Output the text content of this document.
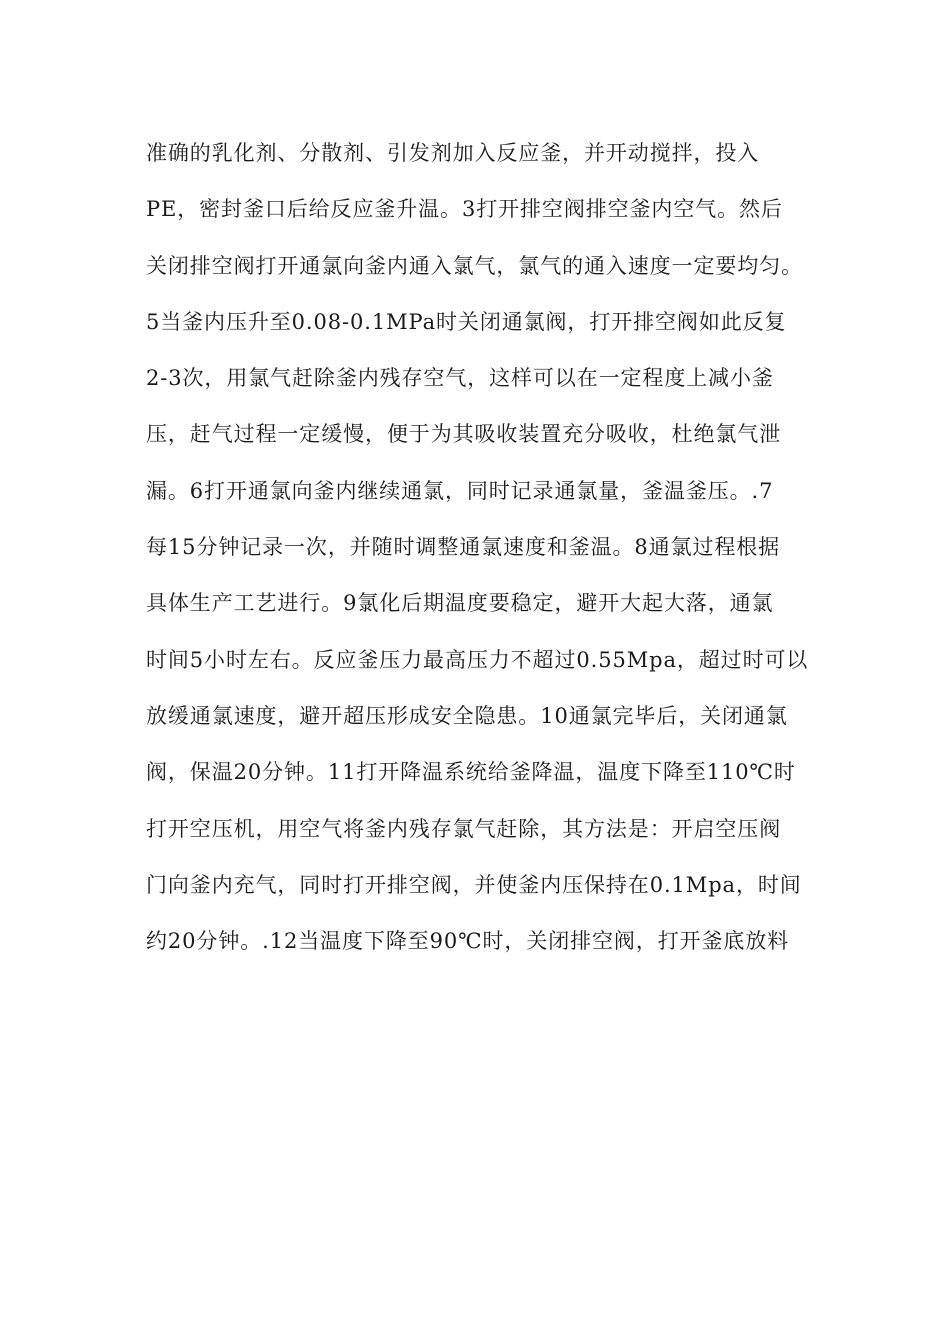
准确的乳化剂、分散剂、引发剂加入反应釜，并开动搅拌，投入
PE，密封釜口后给反应釜升温。3打开排空阀排空釜内空气。然后
关闭排空阀打开通氯向釜内通入氯气，氯气的通入速度一定要均匀。
5当釜内压升至0.08-0.1MPa时关闭通氯阀，打开排空阀如此反复
2-3次，用氯气赶除釜内残存空气，这样可以在一定程度上减小釜
压，赶气过程一定缓慢，便于为其吸收装置充分吸收，杜绝氯气泄
漏。6打开通氯向釜内继续通氯，同时记录通氯量，釜温釜压。.7
每15分钟记录一次，并随时调整通氯速度和釜温。8通氯过程根据
具体生产工艺进行。9氯化后期温度要稳定，避开大起大落，通氯
时间5小时左右。反应釜压力最高压力不超过0.55Mpa，超过时可以
放缓通氯速度，避开超压形成安全隐患。10通氯完毕后，关闭通氯
阀，保温20分钟。11打开降温系统给釜降温，温度下降至110℃时
打开空压机，用空气将釜内残存氯气赶除，其方法是：开启空压阀
门向釜内充气，同时打开排空阀，并使釜内压保持在0.1Mpa，时间
约20分钟。.12当温度下降至90℃时，关闭排空阀，打开釜底放料
